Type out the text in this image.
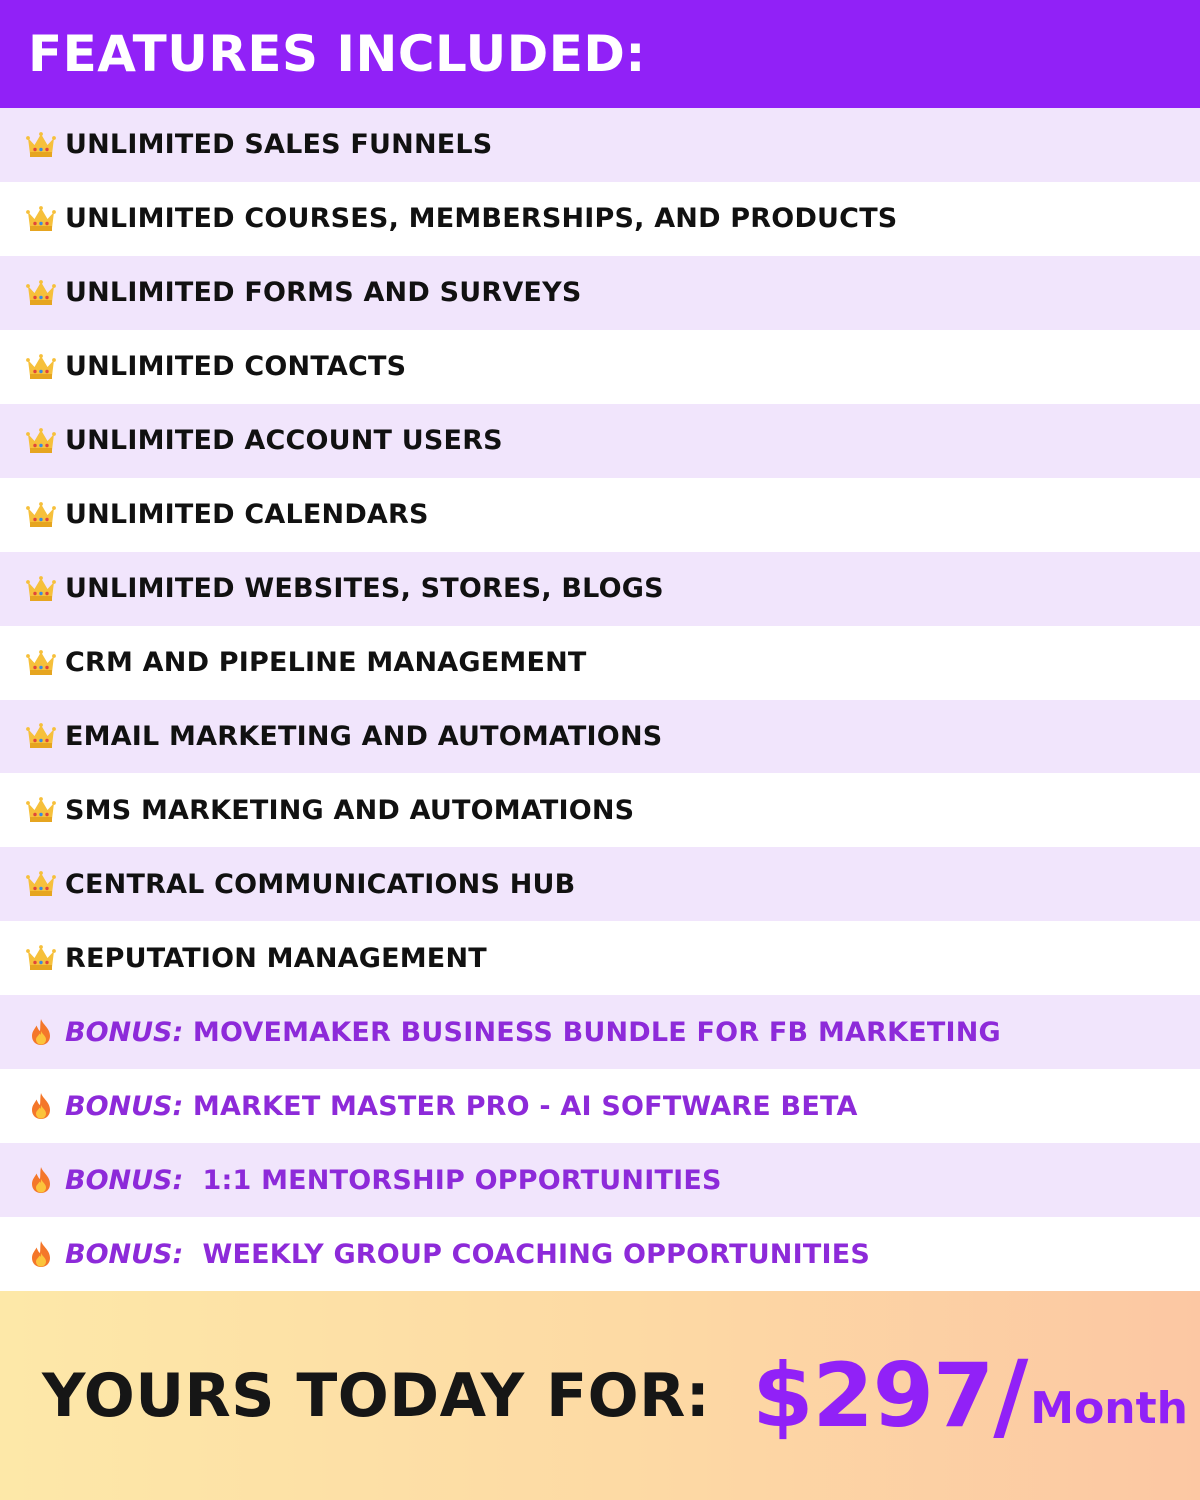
FEATURES INCLUDED:
UNLIMITED SALES FUNNELS
UNLIMITED COURSES, MEMBERSHIPS, AND PRODUCTS
UNLIMITED FORMS AND SURVEYS
UNLIMITED CONTACTS
UNLIMITED ACCOUNT USERS
UNLIMITED CALENDARS
UNLIMITED WEBSITES, STORES, BLOGS
CRM AND PIPELINE MANAGEMENT
EMAIL MARKETING AND AUTOMATIONS
SMS MARKETING AND AUTOMATIONS
CENTRAL COMMUNICATIONS HUB
REPUTATION MANAGEMENT
BONUS: MOVEMAKER BUSINESS BUNDLE FOR FB MARKETING
BONUS: MARKET MASTER PRO - AI SOFTWARE BETA
BONUS: 1:1 MENTORSHIP OPPORTUNITIES
BONUS: WEEKLY GROUP COACHING OPPORTUNITIES
YOURS TODAY FOR: $297 / Month
